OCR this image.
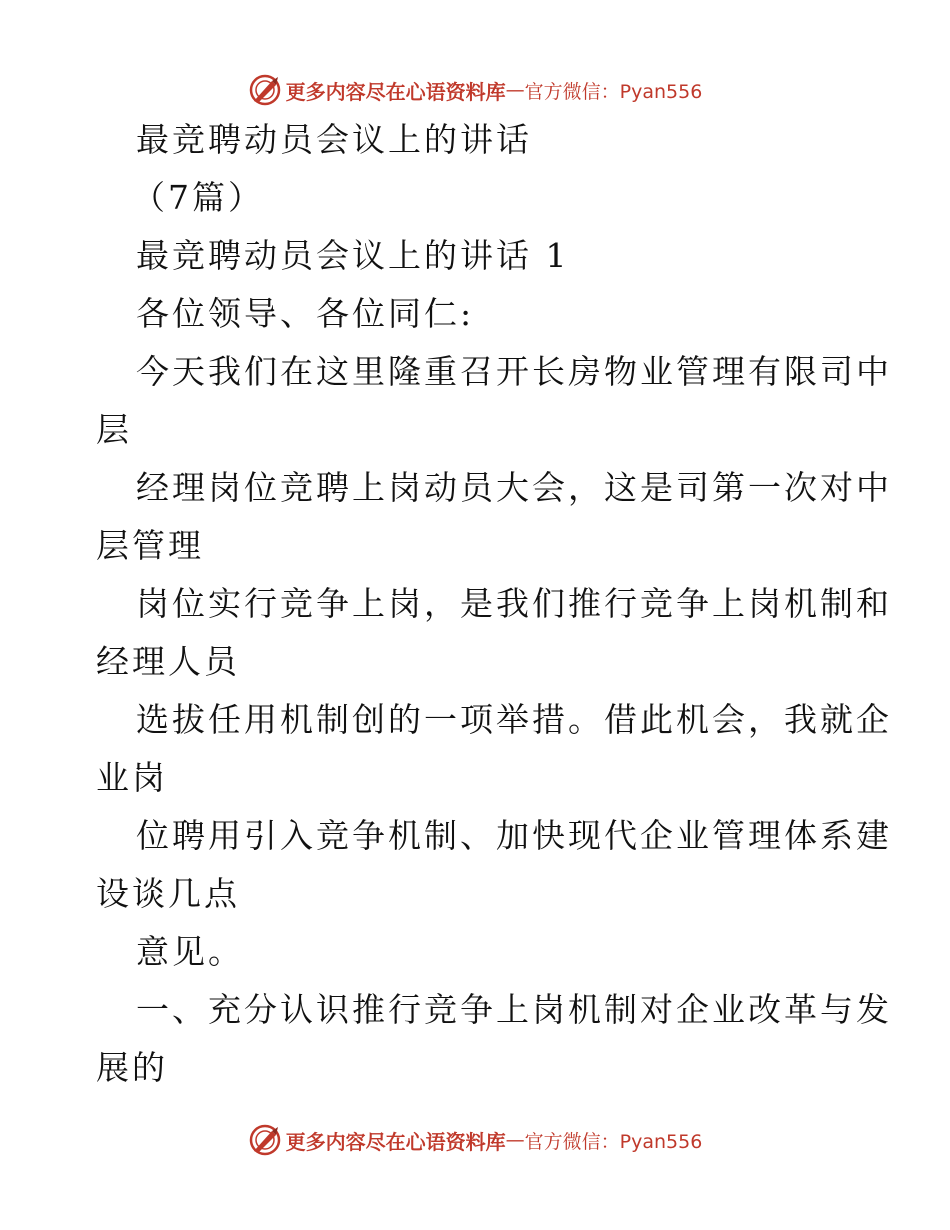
更多内容尽在心语资料库 — 官方微信：Pyan556
最竞聘动员会议上的讲话
（7篇）
最竞聘动员会议上的讲话 1
各位领导、各位同仁:
今天我们在这里隆重召开长房物业管理有限司中
层
经理岗位竞聘上岗动员大会，这是司第一次对中
层管理
岗位实行竞争上岗，是我们推行竞争上岗机制和
经理人员
选拔任用机制创的一项举措。借此机会，我就企
业岗
位聘用引入竞争机制、加快现代企业管理体系建
设谈几点
意见。
一、充分认识推行竞争上岗机制对企业改革与发
展的
更多内容尽在心语资料库 — 官方微信：Pyan556
